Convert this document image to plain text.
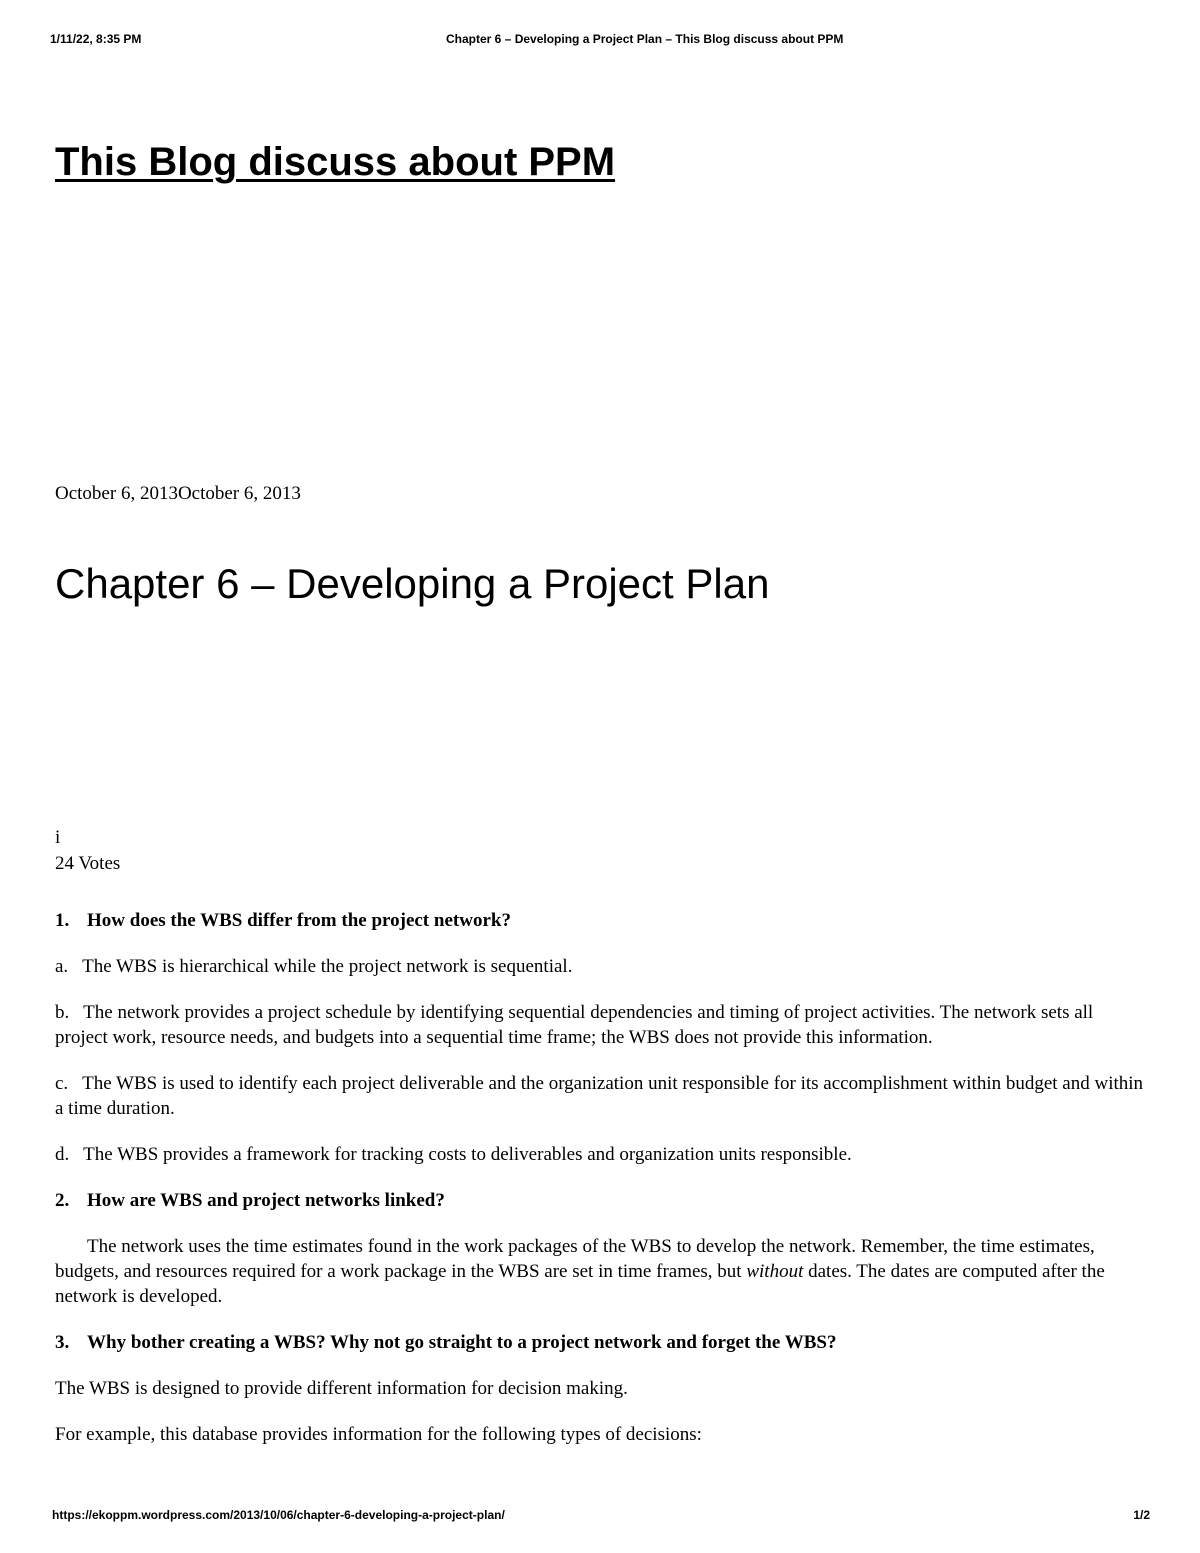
1/11/22, 8:35 PM	Chapter 6 – Developing a Project Plan – This Blog discuss about PPM
This Blog discuss about PPM
October 6, 2013October 6, 2013
Chapter 6 – Developing a Project Plan
i
24 Votes

1. How does the WBS differ from the project network?

a. The WBS is hierarchical while the project network is sequential.

b. The network provides a project schedule by identifying sequential dependencies and timing of project activities. The network sets all project work, resource needs, and budgets into a sequential time frame; the WBS does not provide this information.

c. The WBS is used to identify each project deliverable and the organization unit responsible for its accomplishment within budget and within a time duration.

d. The WBS provides a framework for tracking costs to deliverables and organization units responsible.

2. How are WBS and project networks linked?

The network uses the time estimates found in the work packages of the WBS to develop the network. Remember, the time estimates, budgets, and resources required for a work package in the WBS are set in time frames, but without dates. The dates are computed after the network is developed.

3. Why bother creating a WBS? Why not go straight to a project network and forget the WBS?

The WBS is designed to provide different information for decision making.

For example, this database provides information for the following types of decisions:

https://ekoppm.wordpress.com/2013/10/06/chapter-6-developing-a-project-plan/	1/2
